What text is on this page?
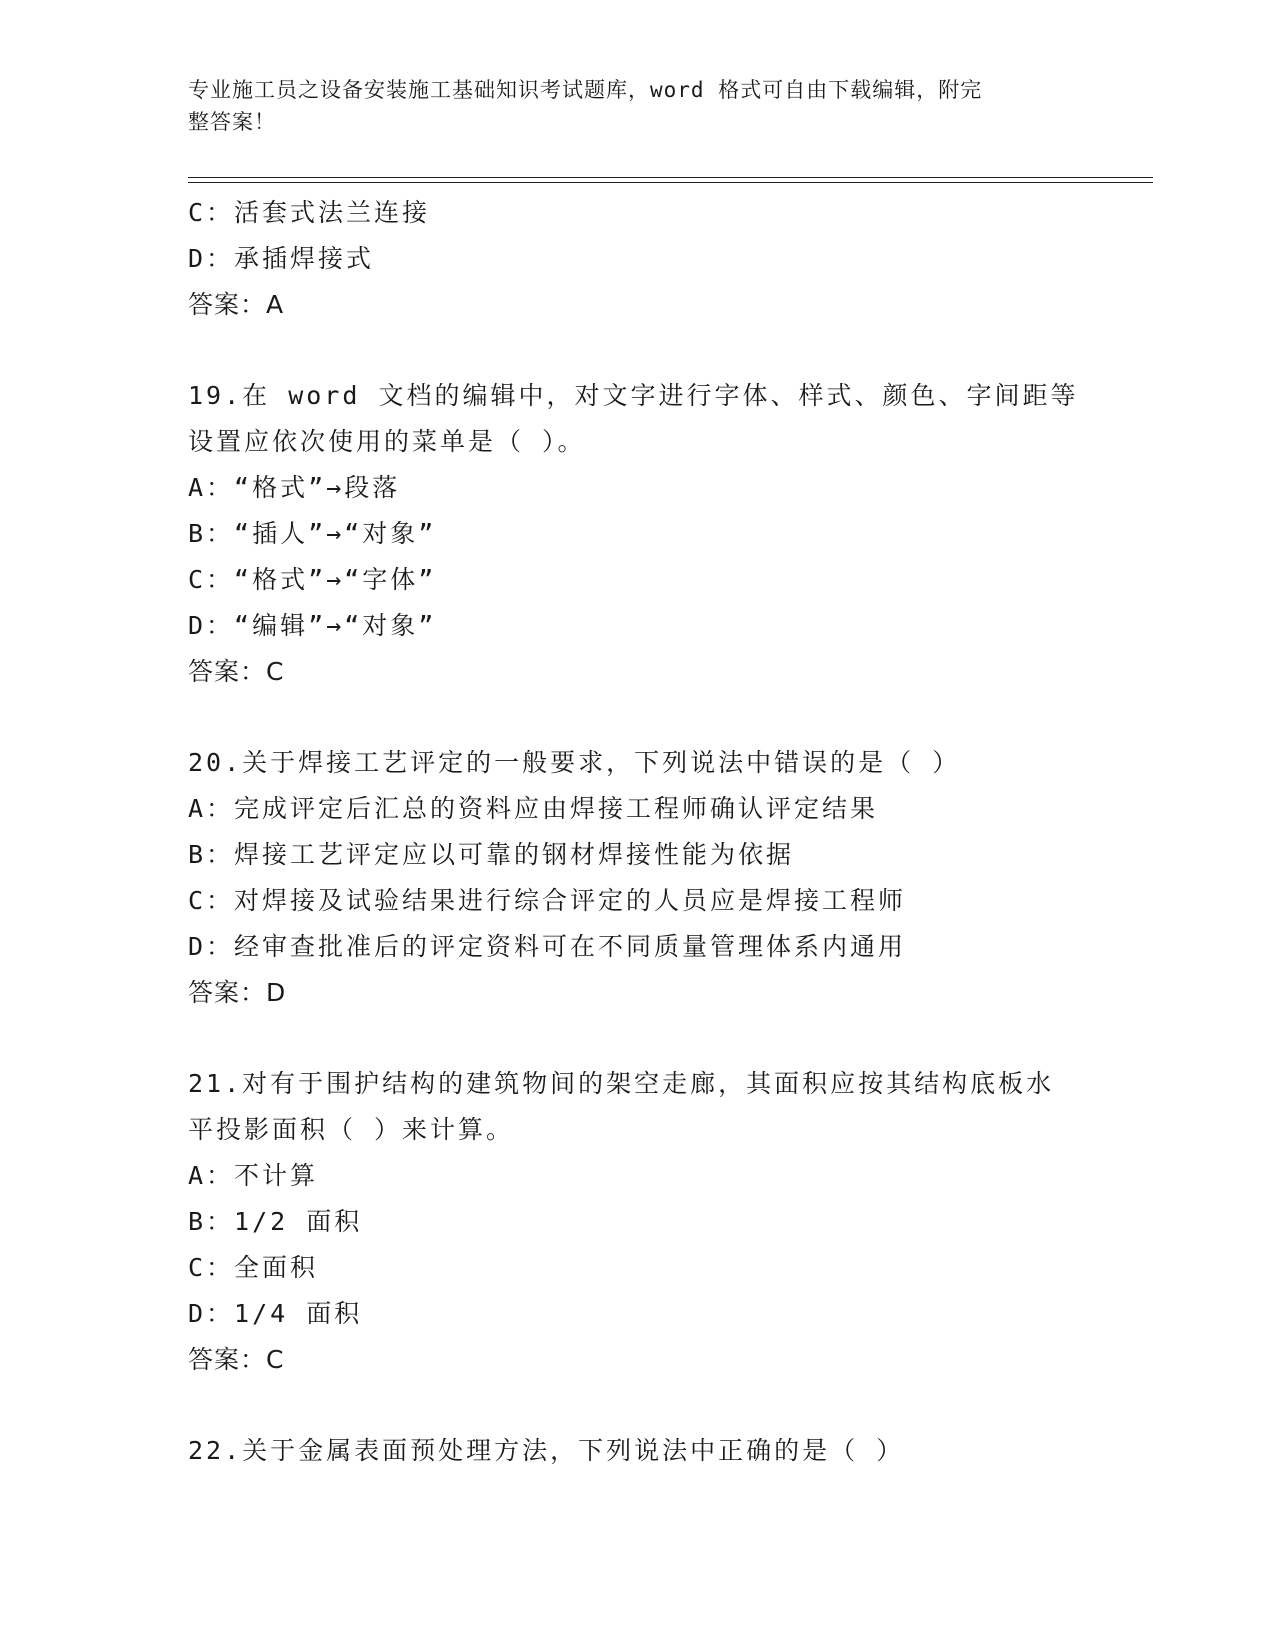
专业施工员之设备安装施工基础知识考试题库，word 格式可自由下载编辑，附完
整答案！
C：活套式法兰连接
D：承插焊接式
答案：A
19.在 word 文档的编辑中，对文字进行字体、样式、颜色、字间距等
设置应依次使用的菜单是（ ）。
A：“格式”→段落
B：“插人”→“对象”
C：“格式”→“字体”
D：“编辑”→“对象”
答案：C
20.关于焊接工艺评定的一般要求，下列说法中错误的是（ ）
A：完成评定后汇总的资料应由焊接工程师确认评定结果
B：焊接工艺评定应以可靠的钢材焊接性能为依据
C：对焊接及试验结果进行综合评定的人员应是焊接工程师
D：经审查批准后的评定资料可在不同质量管理体系内通用
答案：D
21.对有于围护结构的建筑物间的架空走廊，其面积应按其结构底板水
平投影面积（ ）来计算。
A：不计算
B：1/2 面积
C：全面积
D：1/4 面积
答案：C
22.关于金属表面预处理方法，下列说法中正确的是（ ）
